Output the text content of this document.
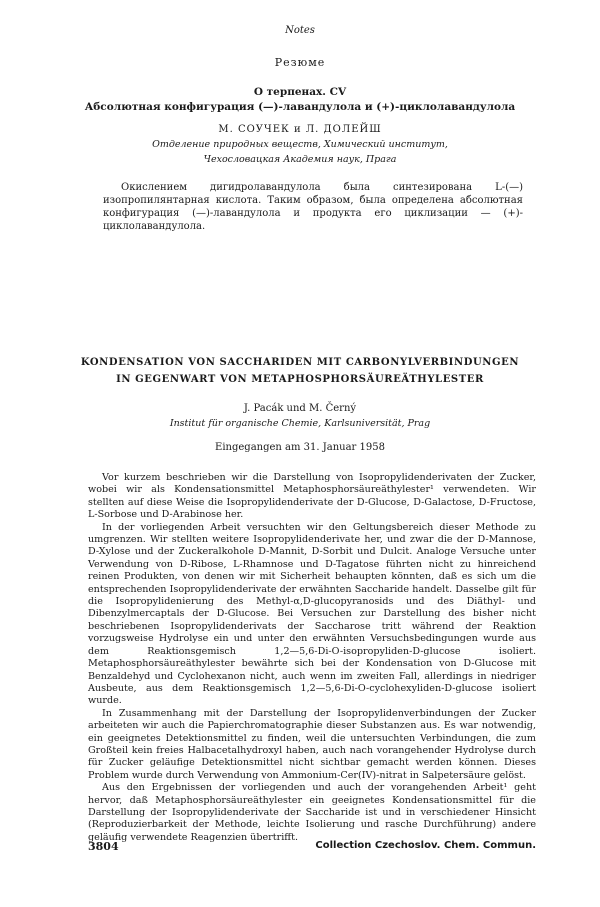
Notes
Резюме
О терпенах. CV
Абсолютная конфигурация (—)-лавандулола и (+)-циклолавандулола
М. СОУЧЕК и Л. ДОЛЕЙШ
Отделение природных веществ, Химический институт,
Чехословацкая Академия наук, Прага

Окислением дигидролавандулола была синтезирована L-(—) изопропилянтарная кислота. Таким образом, была определена абсолютная конфигурация (—)-лавандулола и продукта его циклизации — (+)-циклолавандулола.

KONDENSATION VON SACCHARIDEN MIT CARBONYLVERBINDUNGEN
IN GEGENWART VON METAPHOSPHORSÄUREÄTHYLESTER
J. Pacák und M. Černý
Institut für organische Chemie, Karlsuniversität, Prag
Eingegangen am 31. Januar 1958

Vor kurzem beschrieben wir die Darstellung von Isopropylidenderivaten der Zucker, wobei wir als Kondensationsmittel Metaphosphorsäureäthylester¹ verwendeten. Wir stellten auf diese Weise die Isopropylidenderivate der D-Glucose, D-Galactose, D-Fructose, L-Sorbose und D-Arabinose her.

In der vorliegenden Arbeit versuchten wir den Geltungsbereich dieser Methode zu umgrenzen. Wir stellten weitere Isopropylidenderivate her, und zwar die der D-Mannose, D-Xylose und der Zuckeralkohole D-Mannit, D-Sorbit und Dulcit. Analoge Versuche unter Verwendung von D-Ribose, L-Rhamnose und D-Tagatose führten nicht zu hinreichend reinen Produkten, von denen wir mit Sicherheit behaupten könnten, daß es sich um die entsprechenden Isopropylidenderivate der erwähnten Saccharide handelt. Dasselbe gilt für die Isopropylidenierung des Methyl-α,D-glucopyranosids und des Diäthyl- und Dibenzylmercaptals der D-Glucose. Bei Versuchen zur Darstellung des bisher nicht beschriebenen Isopropylidenderivats der Saccharose tritt während der Reaktion vorzugsweise Hydrolyse ein und unter den erwähnten Versuchsbedingungen wurde aus dem Reaktionsgemisch 1,2—5,6-Di-O-isopropyliden-D-glucose isoliert. Metaphosphorsäureäthylester bewährte sich bei der Kondensation von D-Glucose mit Benzaldehyd und Cyclohexanon nicht, auch wenn im zweiten Fall, allerdings in niedriger Ausbeute, aus dem Reaktionsgemisch 1,2—5,6-Di-O-cyclohexyliden-D-glucose isoliert wurde.

In Zusammenhang mit der Darstellung der Isopropylidenverbindungen der Zucker arbeiteten wir auch die Papierchromatographie dieser Substanzen aus. Es war notwendig, ein geeignetes Detektionsmittel zu finden, weil die untersuchten Verbindungen, die zum Großteil kein freies Halbacetalhydroxyl haben, auch nach vorangehender Hydrolyse durch für Zucker geläufige Detektionsmittel nicht sichtbar gemacht werden können. Dieses Problem wurde durch Verwendung von Ammonium-Cer(IV)-nitrat in Salpetersäure gelöst.

Aus den Ergebnissen der vorliegenden und auch der vorangehenden Arbeit¹ geht hervor, daß Metaphosphorsäureäthylester ein geeignetes Kondensationsmittel für die Darstellung der Isopropylidenderivate der Saccharide ist und in verschiedener Hinsicht (Reproduzierbarkeit der Methode, leichte Isolierung und rasche Durchführung) andere geläufig verwendete Reagenzien übertrifft.

3804	Collection Czechoslov. Chem. Commun.
